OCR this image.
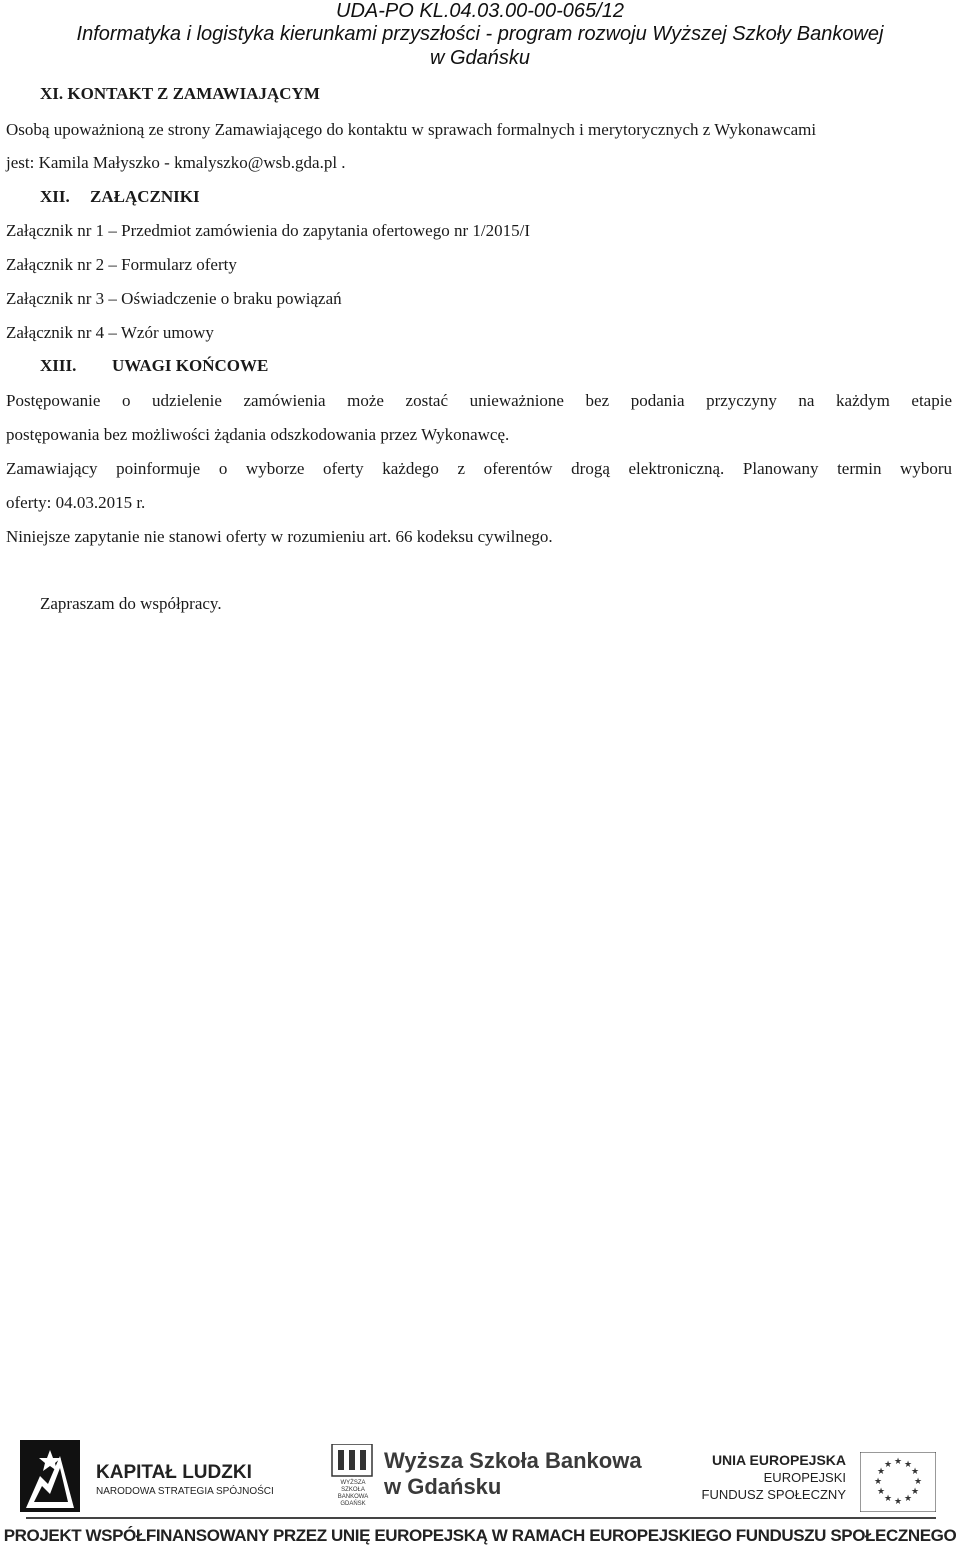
UDA-PO KL.04.03.00-00-065/12
Informatyka i logistyka kierunkami przyszłości - program rozwoju Wyższej Szkoły Bankowej
w Gdańsku
XI. KONTAKT Z ZAMAWIAJĄCYM
Osobą upoważnioną ze strony Zamawiającego do kontaktu w sprawach formalnych i merytorycznych z Wykonawcami
jest: Kamila Małyszko - kmalyszko@wsb.gda.pl .
XII. ZAŁĄCZNIKI
Załącznik nr 1 – Przedmiot zamówienia do zapytania ofertowego nr 1/2015/I
Załącznik nr 2 – Formularz oferty
Załącznik nr 3 – Oświadczenie o braku powiązań
Załącznik nr 4 – Wzór umowy
XIII. UWAGI KOŃCOWE
Postępowanie o udzielenie zamówienia może zostać unieważnione bez podania przyczyny na każdym etapie
postępowania bez możliwości żądania odszkodowania przez Wykonawcę.
Zamawiający poinformuje o wyborze oferty każdego z oferentów drogą elektroniczną. Planowany termin wyboru
oferty: 04.03.2015 r.
Niniejsze zapytanie nie stanowi oferty w rozumieniu art. 66 kodeksu cywilnego.
Zapraszam do współpracy.
KAPITAŁ LUDZKI
NARODOWA STRATEGIA SPÓJNOŚCI
WYŻSZA SZKOŁA BANKOWA GDAŃSK
Wyższa Szkoła Bankowa
w Gdańsku
UNIA EUROPEJSKA
EUROPEJSKI
FUNDUSZ SPOŁECZNY
★ ★
★
★
★
★
★
★
★
★
★
★
PROJEKT WSPÓŁFINANSOWANY PRZEZ UNIĘ EUROPEJSKĄ W RAMACH EUROPEJSKIEGO FUNDUSZU SPOŁECZNEGO
